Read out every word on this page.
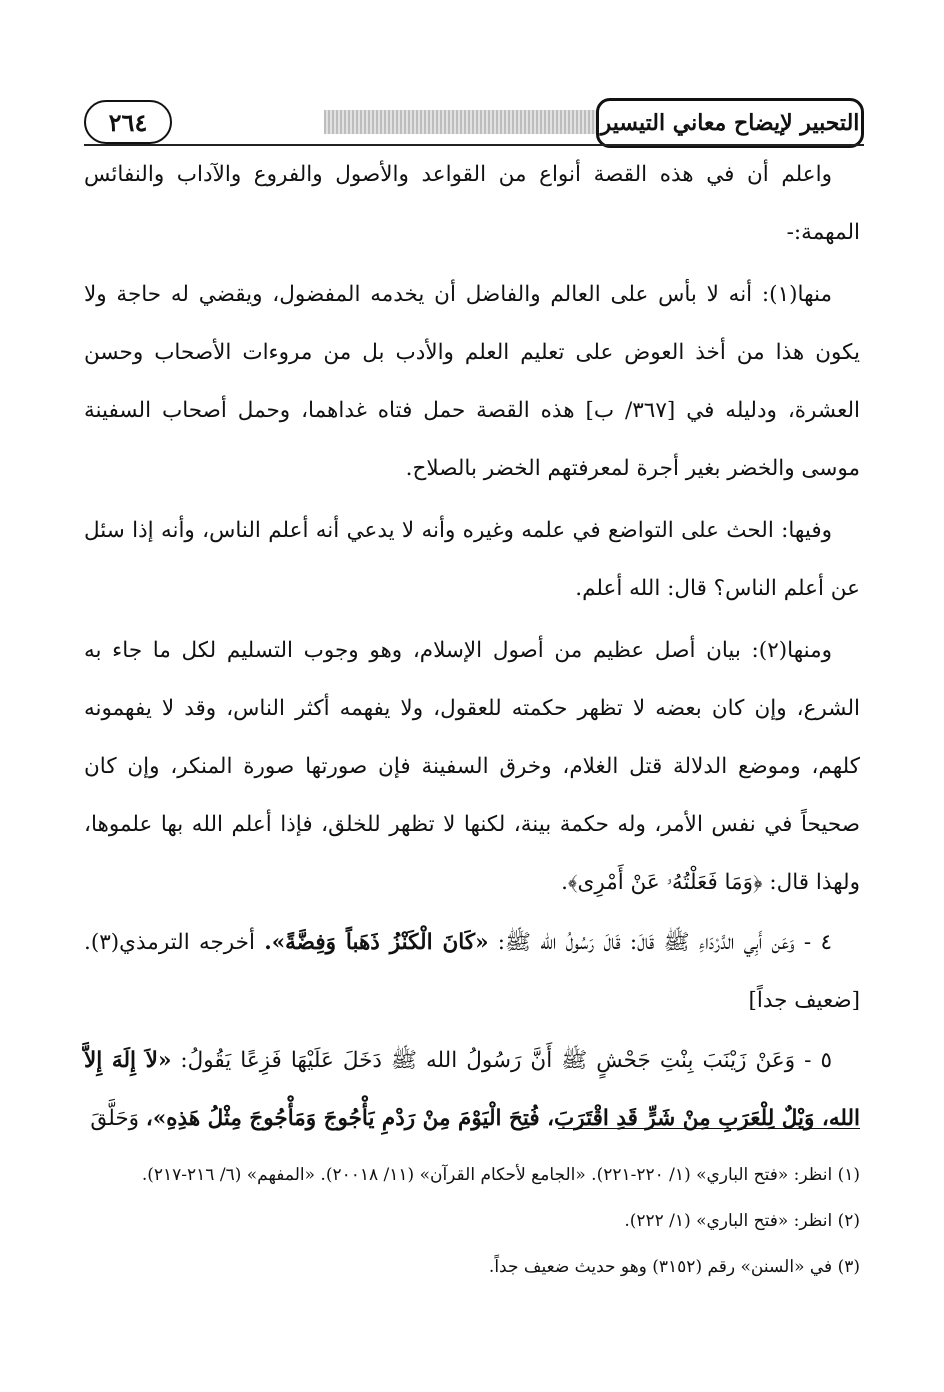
٢٦٤	التحبير لإيضاح معاني التيسير

واعلم أن في هذه القصة أنواع من القواعد والأصول والفروع والآداب والنفائس المهمة:-

منها(١): أنه لا بأس على العالم والفاضل أن يخدمه المفضول، ويقضي له حاجة ولا يكون هذا من أخذ العوض على تعليم العلم والأدب بل من مروءات الأصحاب وحسن العشرة، ودليله في [٣٦٧/ ب] هذه القصة حمل فتاه غداهما، وحمل أصحاب السفينة موسى والخضر بغير أجرة لمعرفتهم الخضر بالصلاح.

وفيها: الحث على التواضع في علمه وغيره وأنه لا يدعي أنه أعلم الناس، وأنه إذا سئل عن أعلم الناس؟ قال: الله أعلم.

ومنها(٢): بيان أصل عظيم من أصول الإسلام، وهو وجوب التسليم لكل ما جاء به الشرع، وإن كان بعضه لا تظهر حكمته للعقول، ولا يفهمه أكثر الناس، وقد لا يفهمونه كلهم، وموضع الدلالة قتل الغلام، وخرق السفينة فإن صورتها صورة المنكر، وإن كان صحيحاً في نفس الأمر، وله حكمة بينة، لكنها لا تظهر للخلق، فإذا أعلم الله بها علموها، ولهذا قال: ﴿وَمَا فَعَلْتُهُۥ عَنْ أَمْرِى﴾.

٤ - وَعَن أَبِي الدَّرْدَاءِ ﷺ قَالَ: قَالَ رَسُولُ الله ﷺ: «كَانَ الْكَنْزُ ذَهَباً وَفِضَّةً». أخرجه الترمذي(٣). [ضعيف جداً]

٥ - وَعَنْ زَيْنَبَ بِنْتِ جَحْشٍ ﷺ أَنَّ رَسُولُ الله ﷺ دَخَلَ عَلَيْهَا فَزِعًا يَقُولُ: «لاَ إِلَهَ إِلاَّ الله، وَيْلٌ لِلْعَرَبِ مِنْ شَرٍّ قَدِ اقْتَرَبَ، فُتِحَ الْيَوْمَ مِنْ رَدْمِ يَأْجُوجَ وَمَأْجُوجَ مِثْلُ هَذِهِ»، وَحَلَّقَ

(١) انظر: «فتح الباري» (١/ ٢٢٠-٢٢١). «الجامع لأحكام القرآن» (١١/ ٢٠٠١٨). «المفهم» (٦/ ٢١٦-٢١٧).

(٢) انظر: «فتح الباري» (١/ ٢٢٢).

(٣) في «السنن» رقم (٣١٥٢) وهو حديث ضعيف جداً.
